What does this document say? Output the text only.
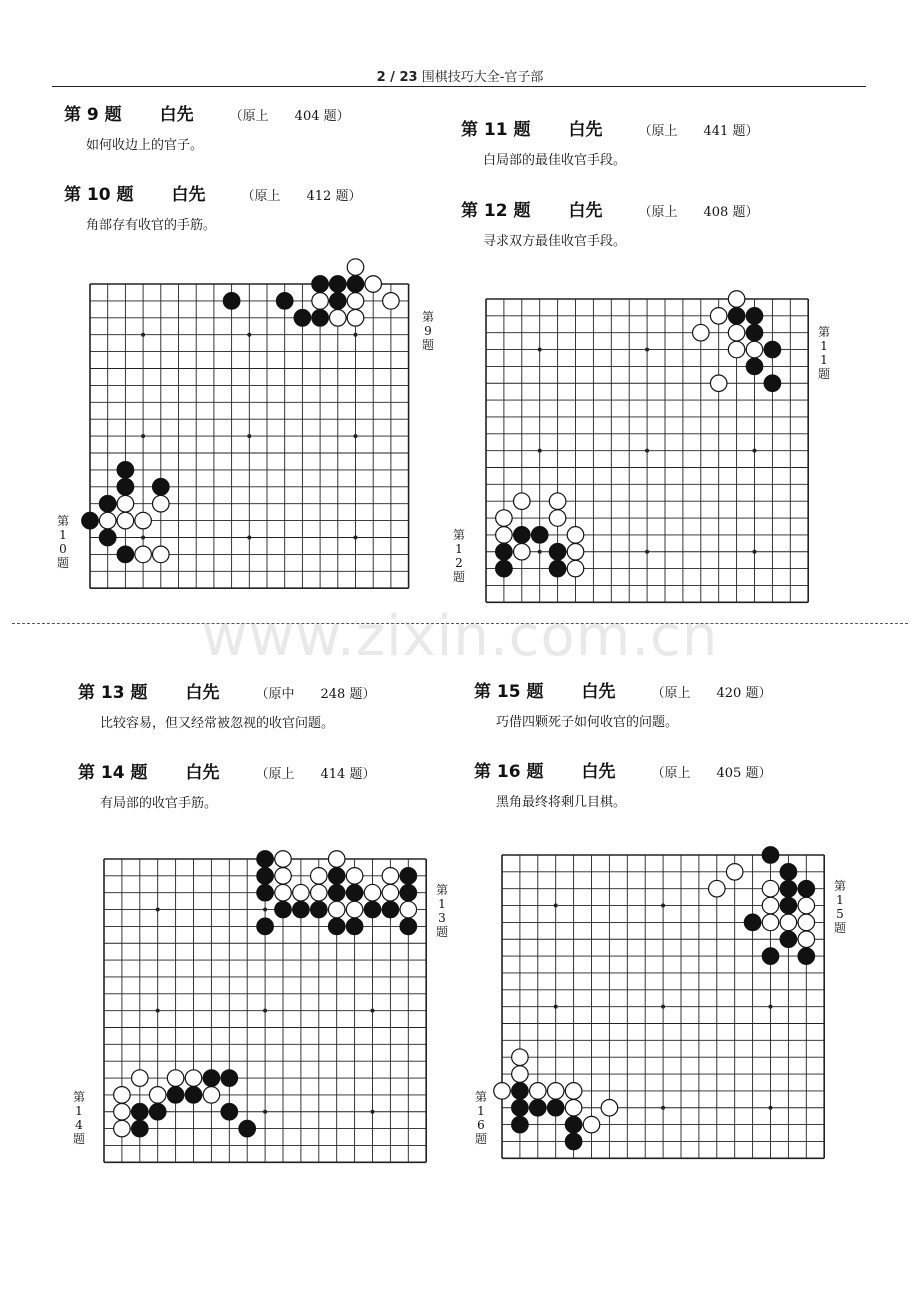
2 / 23 围棋技巧大全-官子部
第 9 题 白先	（原上　　404 题）
如何收边上的官子。
第 10 题 白先	（原上　　412 题）
角部存有收官的手筋。
第 11 题 白先	（原上　　441 题）
白局部的最佳收官手段。
第 12 题 白先	（原上　　408 题）
寻求双方最佳收官手段。
第 13 题 白先	（原中　　248 题）
比较容易，但又经常被忽视的收官问题。
第 14 题 白先	（原上　　414 题）
有局部的收官手筋。
第 15 题 白先	（原上　　420 题）
巧借四颗死子如何收官的问题。
第 16 题 白先	（原上　　405 题）
黑角最终将剩几目棋。
第9题
第10题
第11题
第12题
第13题
第14题
第15题
第16题
www.zixin.com.cn
